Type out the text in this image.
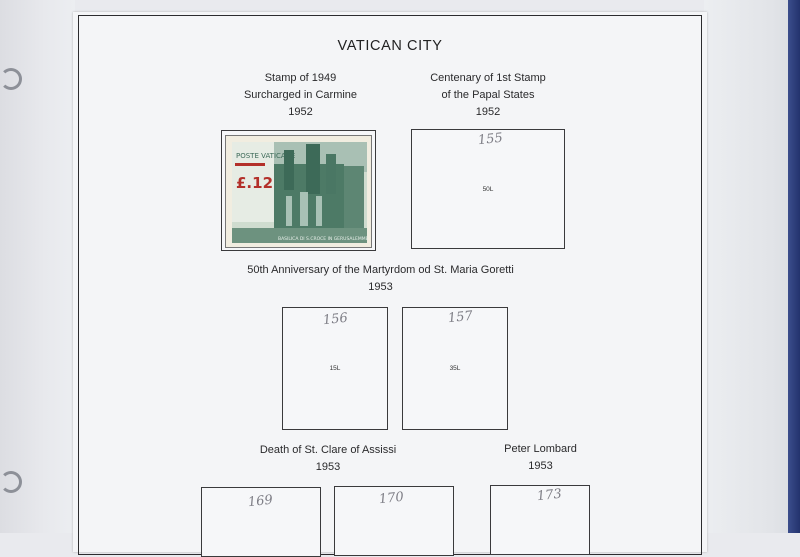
VATICAN CITY
Stamp of 1949
Surcharged in Carmine
1952
Centenary of 1st Stamp
of the Papal States
1952
POSTE VATICANE
£.12
BASILICA DI S.CROCE IN GERUSALEMME
155
50L
50th Anniversary of the Martyrdom od St. Maria Goretti
1953
156
15L
157
35L
Death of St. Clare of Assissi
1953
Peter Lombard
1953
169	170	173
